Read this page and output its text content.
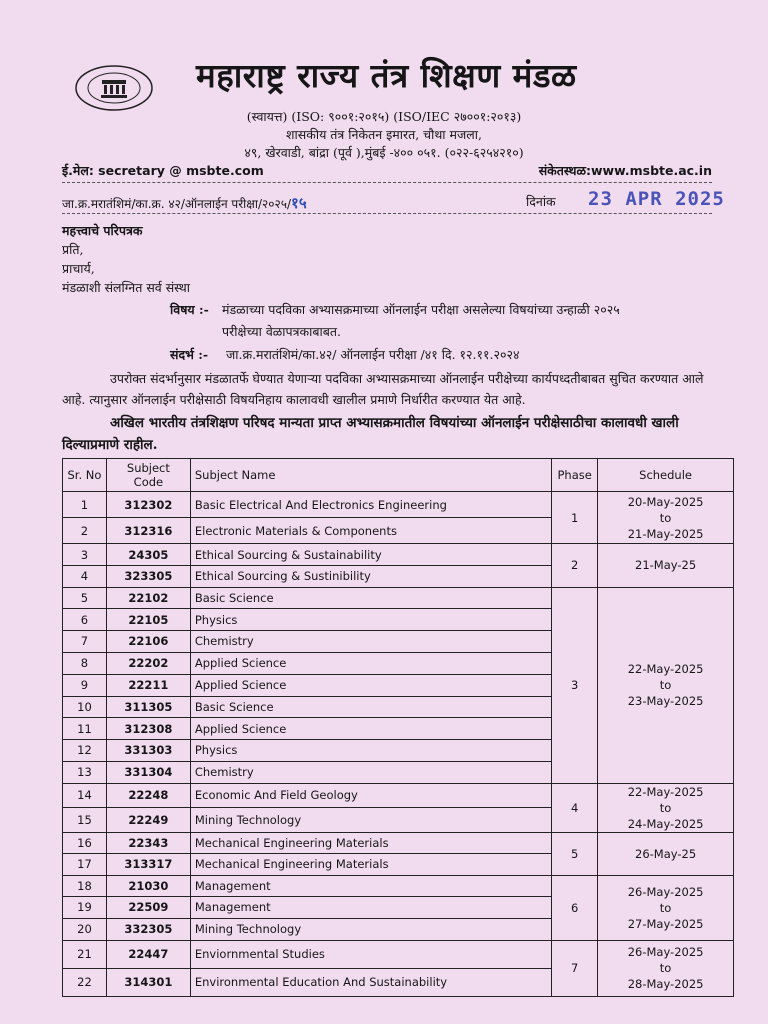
महाराष्ट्र राज्य तंत्र शिक्षण मंडळ
(स्वायत्त) (ISO: ९००१:२०१५) (ISO/IEC २७००१:२०१३)
शासकीय तंत्र निकेतन इमारत, चौथा मजला,
४९, खेरवाडी, बांद्रा (पूर्व ),मुंबई -४०० ०५१. (०२२-६२५४२१०)
ई.मेल: secretary @ msbte.com	संकेतस्थळ:www.msbte.ac.in
जा.क्र.मरातंशिमं/का.क्र. ४२/ऑनलाईन परीक्षा/२०२५/१५	दिनांक 23 APR 2025
महत्त्वाचे परिपत्रक
प्रति,
प्राचार्य,
मंडळाशी संलग्नित सर्व संस्था
विषय :- मंडळाच्या पदविका अभ्यासक्रमाच्या ऑनलाईन परीक्षा असलेल्या विषयांच्या उन्हाळी २०२५
परीक्षेच्या वेळापत्रकाबाबत.
संदर्भ :- जा.क्र.मरातंशिमं/का.४२/ ऑनलाईन परीक्षा /४१ दि. १२.११.२०२४
उपरोक्त संदर्भानुसार मंडळातर्फे घेण्यात येणाऱ्या पदविका अभ्यासक्रमाच्या ऑनलाईन परीक्षेच्या कार्यपध्दतीबाबत सुचित करण्यात आले आहे. त्यानुसार ऑनलाईन परीक्षेसाठी विषयनिहाय कालावधी खालील प्रमाणे निर्धारीत करण्यात येत आहे.
अखिल भारतीय तंत्रशिक्षण परिषद मान्यता प्राप्त अभ्यासक्रमातील विषयांच्या ऑनलाईन परीक्षेसाठीचा कालावधी खाली दिल्याप्रमाणे राहील.
Sr. No	Subject Code	Subject Name	Phase	Schedule
1	312302	Basic Electrical And Electronics Engineering	1	20-May-2025
to
21-May-2025

2	312316	Electronic Materials & Components		
3	24305	Ethical Sourcing & Sustainability	2	21-May-25

4	323305	Ethical Sourcing & Sustinibility		
5	22102	Basic Science	3	22-May-2025
to
23-May-2025

6	22105	Physics		
7	22106	Chemistry		
8	22202	Applied Science		
9	22211	Applied Science		
10	311305	Basic Science		
11	312308	Applied Science		
12	331303	Physics		
13	331304	Chemistry		
14	22248	Economic And Field Geology	4	22-May-2025
to
24-May-2025

15	22249	Mining Technology		
16	22343	Mechanical Engineering Materials	5	26-May-25

17	313317	Mechanical Engineering Materials		
18	21030	Management	6	26-May-2025
to
27-May-2025

19	22509	Management		
20	332305	Mining Technology		
21	22447	Enviornmental Studies	7	26-May-2025
to
28-May-2025

22	314301	Environmental Education And Sustainability		
